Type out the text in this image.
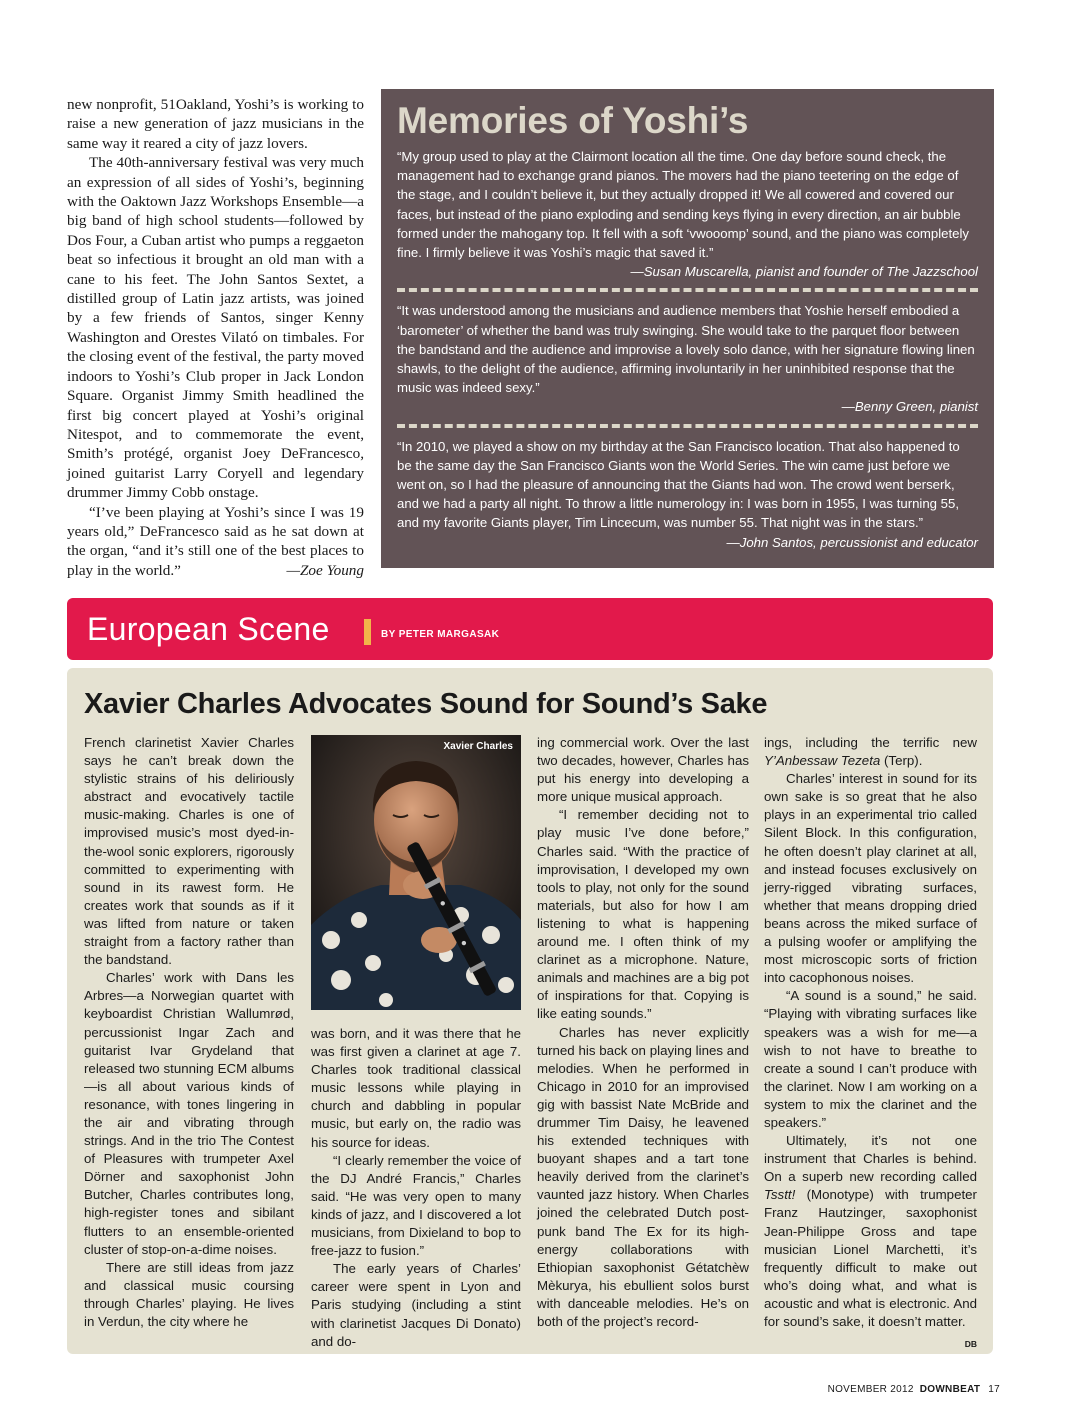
new nonprofit, 51Oakland, Yoshi’s is working to raise a new generation of jazz musicians in the same way it reared a city of jazz lovers.

The 40th-anniversary festival was very much an expression of all sides of Yoshi’s, beginning with the Oaktown Jazz Workshops Ensemble—a big band of high school students—followed by Dos Four, a Cuban artist who pumps a reggaeton beat so infectious it brought an old man with a cane to his feet. The John Santos Sextet, a distilled group of Latin jazz artists, was joined by a few friends of Santos, singer Kenny Washington and Orestes Vilató on timbales. For the closing event of the festival, the party moved indoors to Yoshi’s Club proper in Jack London Square. Organist Jimmy Smith headlined the first big concert played at Yoshi’s original Nitespot, and to commemorate the event, Smith’s protégé, organist Joey DeFrancesco, joined guitarist Larry Coryell and legendary drummer Jimmy Cobb onstage.

“I’ve been playing at Yoshi’s since I was 19 years old,” DeFrancesco said as he sat down at the organ, “and it’s still one of the best places to play in the world.”	—Zoe Young

Memories of Yoshi’s
“My group used to play at the Clairmont location all the time. One day before sound check, the management had to exchange grand pianos. The movers had the piano teetering on the edge of the stage, and I couldn’t believe it, but they actually dropped it! We all cowered and covered our faces, but instead of the piano exploding and sending keys flying in every direction, an air bubble formed under the mahogany top. It fell with a soft ‘vwooomp’ sound, and the piano was completely fine. I firmly believe it was Yoshi’s magic that saved it.”
—Susan Muscarella, pianist and founder of The Jazzschool
“It was understood among the musicians and audience members that Yoshie herself embodied a ‘barometer’ of whether the band was truly swinging. She would take to the parquet floor between the bandstand and the audience and improvise a lovely solo dance, with her signature flowing linen shawls, to the delight of the audience, affirming involuntarily in her uninhibited response that the music was indeed sexy.”
—Benny Green, pianist
“In 2010, we played a show on my birthday at the San Francisco location. That also happened to be the same day the San Francisco Giants won the World Series. The win came just before we went on, so I had the pleasure of announcing that the Giants had won. The crowd went berserk, and we had a party all night. To throw a little numerology in: I was born in 1955, I was turning 55, and my favorite Giants player, Tim Lincecum, was number 55. That night was in the stars.”
—John Santos, percussionist and educator
European Scene	BY PETER MARGASAK
Xavier Charles Advocates Sound for Sound’s Sake

French clarinetist Xavier Charles says he can’t break down the stylistic strains of his deliriously abstract and evocatively tactile music-making. Charles is one of improvised music’s most dyed-in-the-wool sonic explorers, rigorously committed to experimenting with sound in its rawest form. He creates work that sounds as if it was lifted from nature or taken straight from a factory rather than the bandstand.

Charles’ work with Dans les Arbres—a Norwegian quartet with keyboardist Christian Wallumrød, percussionist Ingar Zach and guitarist Ivar Grydeland that released two stunning ECM albums—is all about various kinds of resonance, with tones lingering in the air and vibrating through strings. And in the trio The Contest of Pleasures with trumpeter Axel Dörner and saxophonist John Butcher, Charles contributes long, high-register tones and sibilant flutters to an ensemble-oriented cluster of stop-on-a-dime noises.

There are still ideas from jazz and classical music coursing through Charles’ playing. He lives in Verdun, the city where he

Xavier Charles

was born, and it was there that he was first given a clarinet at age 7. Charles took traditional classical music lessons while playing in church and dabbling in popular music, but early on, the radio was his source for ideas.

“I clearly remember the voice of the DJ André Francis,” Charles said. “He was very open to many kinds of jazz, and I discovered a lot musicians, from Dixieland to bop to free-jazz to fusion.”

The early years of Charles’ career were spent in Lyon and Paris studying (including a stint with clarinetist Jacques Di Donato) and do-

ing commercial work. Over the last two decades, however, Charles has put his energy into developing a more unique musical approach.

“I remember deciding not to play music I’ve done before,” Charles said. “With the practice of improvisation, I developed my own tools to play, not only for the sound materials, but also for how I am listening to what is happening around me. I often think of my clarinet as a microphone. Nature, animals and machines are a big pot of inspirations for that. Copying is like eating sounds.”

Charles has never explicitly turned his back on playing lines and melodies. When he performed in Chicago in 2010 for an improvised gig with bassist Nate McBride and drummer Tim Daisy, he leavened his extended techniques with buoyant shapes and a tart tone heavily derived from the clarinet’s vaunted jazz history. When Charles joined the celebrated Dutch post-punk band The Ex for its high-energy collaborations with Ethiopian saxophonist Gétatchèw Mèkurya, his ebullient solos burst with danceable melodies. He’s on both of the project’s record-

ings, including the terrific new Y’Anbessaw Tezeta (Terp).

Charles’ interest in sound for its own sake is so great that he also plays in an experimental trio called Silent Block. In this configuration, he often doesn’t play clarinet at all, and instead focuses exclusively on jerry-rigged vibrating surfaces, whether that means dropping dried beans across the miked surface of a pulsing woofer or amplifying the most microscopic sorts of friction into cacophonous noises.

“A sound is a sound,” he said. “Playing with vibrating surfaces like speakers was a wish for me—a wish to not have to breathe to create a sound I can’t produce with the clarinet. Now I am working on a system to mix the clarinet and the speakers.”

Ultimately, it’s not one instrument that Charles is behind. On a superb new recording called Tsstt! (Monotype) with trumpeter Franz Hautzinger, saxophonist Jean-Philippe Gross and tape musician Lionel Marchetti, it’s frequently difficult to make out who’s doing what, and what is acoustic and what is electronic. And for sound’s sake, it doesn’t matter.
DB

NOVEMBER 2012 DOWNBEAT 17
